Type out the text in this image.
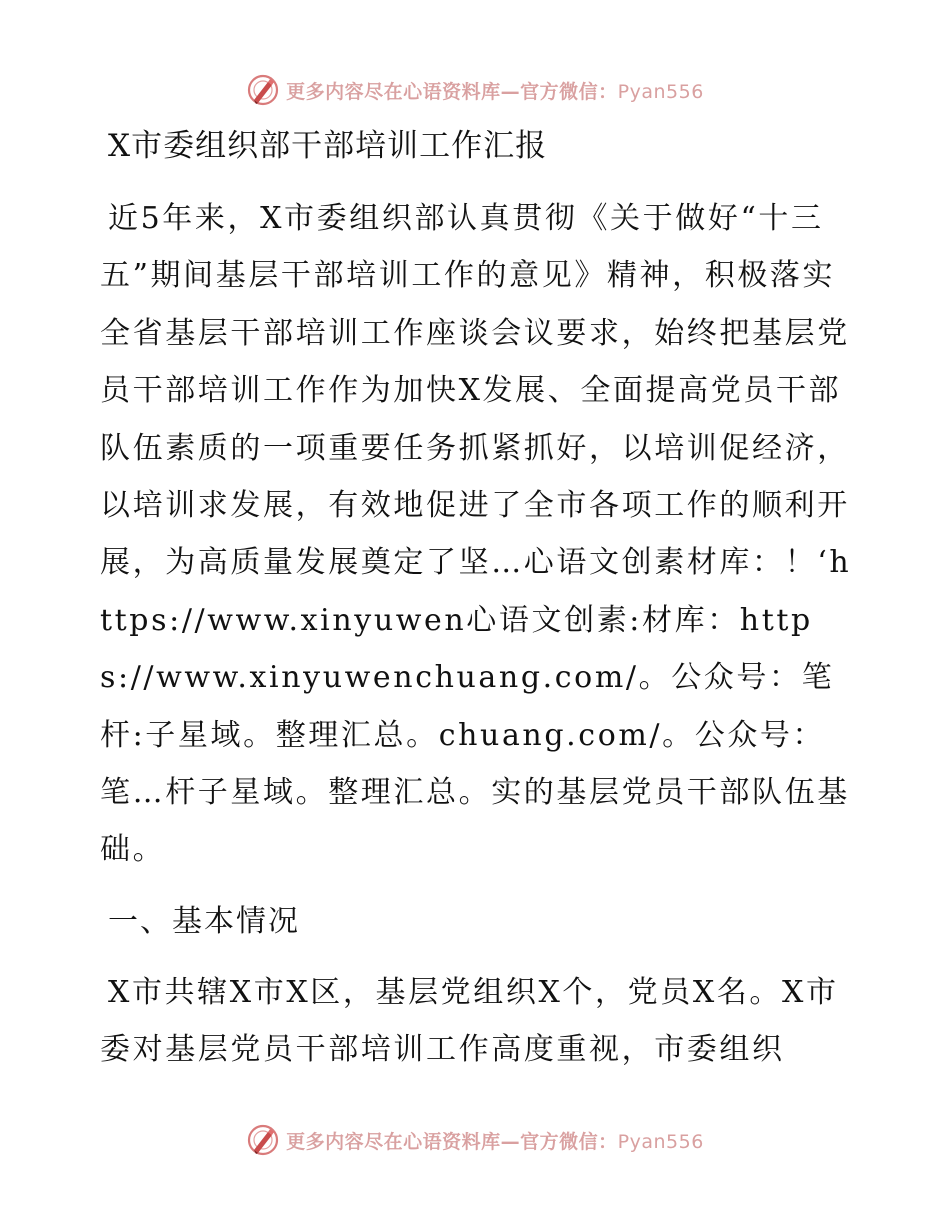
更多内容尽在心语资料库—官方微信：Pyan556
X市委组织部干部培训工作汇报

近5年来，X市委组织部认真贯彻《关于做好“十三五”期间基层干部培训工作的意见》精神，积极落实全省基层干部培训工作座谈会议要求，始终把基层党员干部培训工作作为加快X发展、全面提高党员干部队伍素质的一项重要任务抓紧抓好，以培训促经济，以培训求发展，有效地促进了全市各项工作的顺利开展，为高质量发展奠定了坚…心语文创素材库：！‘https://www.xinyuwen心语文创素:材库：https://www.xinyuwenchuang.com/。公众号：笔杆:子星域。整理汇总。chuang.com/。公众号：笔…杆子星域。整理汇总。实的基层党员干部队伍基础。

一、基本情况

X市共辖X市X区，基层党组织X个，党员X名。X市委对基层党员干部培训工作高度重视，市委组织

更多内容尽在心语资料库—官方微信：Pyan556
